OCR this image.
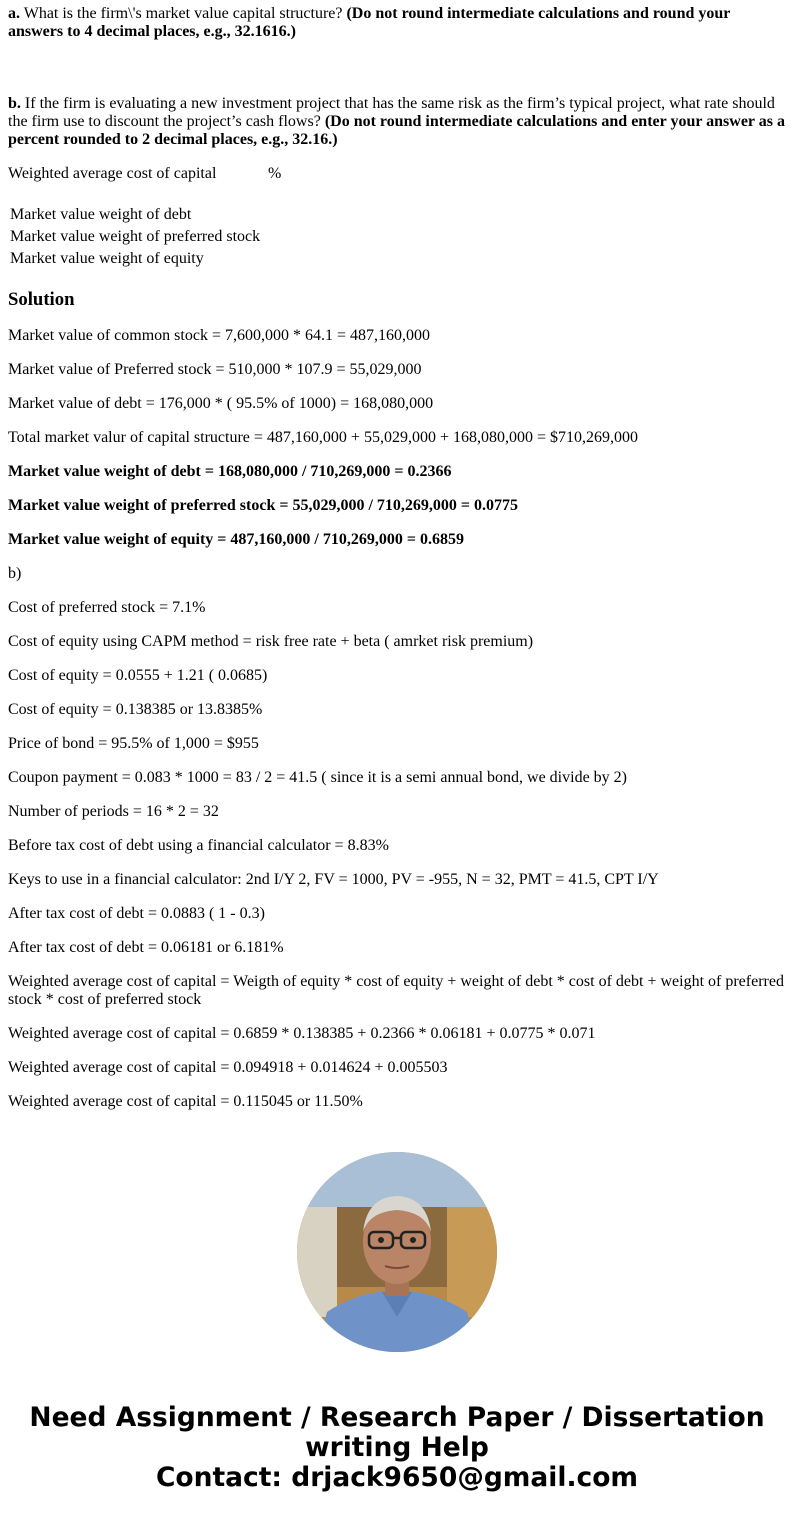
a. What is the firm\'s market value capital structure? (Do not round intermediate calculations and round your answers to 4 decimal places, e.g., 32.1616.)

b. If the firm is evaluating a new investment project that has the same risk as the firm’s typical project, what rate should the firm use to discount the project’s cash flows? (Do not round intermediate calculations and enter your answer as a percent rounded to 2 decimal places, e.g., 32.16.)

Weighted average cost of capital	%
Market value weight of debt
Market value weight of preferred stock
Market value weight of equity
Solution

Market value of common stock = 7,600,000 * 64.1 = 487,160,000

Market value of Preferred stock = 510,000 * 107.9 = 55,029,000

Market value of debt = 176,000 * ( 95.5% of 1000) = 168,080,000

Total market valur of capital structure = 487,160,000 + 55,029,000 + 168,080,000 = $710,269,000

Market value weight of debt = 168,080,000 / 710,269,000 = 0.2366

Market value weight of preferred stock = 55,029,000 / 710,269,000 = 0.0775

Market value weight of equity = 487,160,000 / 710,269,000 = 0.6859

b)

Cost of preferred stock = 7.1%

Cost of equity using CAPM method = risk free rate + beta ( amrket risk premium)

Cost of equity = 0.0555 + 1.21 ( 0.0685)

Cost of equity = 0.138385 or 13.8385%

Price of bond = 95.5% of 1,000 = $955

Coupon payment = 0.083 * 1000 = 83 / 2 = 41.5 ( since it is a semi annual bond, we divide by 2)

Number of periods = 16 * 2 = 32

Before tax cost of debt using a financial calculator = 8.83%

Keys to use in a financial calculator: 2nd I/Y 2, FV = 1000, PV = -955, N = 32, PMT = 41.5, CPT I/Y

After tax cost of debt = 0.0883 ( 1 - 0.3)

After tax cost of debt = 0.06181 or 6.181%

Weighted average cost of capital = Weigth of equity * cost of equity + weight of debt * cost of debt + weight of preferred stock * cost of preferred stock

Weighted average cost of capital = 0.6859 * 0.138385 + 0.2366 * 0.06181 + 0.0775 * 0.071

Weighted average cost of capital = 0.094918 + 0.014624 + 0.005503

Weighted average cost of capital = 0.115045 or 11.50%

Need Assignment / Research Paper / Dissertation
writing Help
Contact: drjack9650@gmail.com
